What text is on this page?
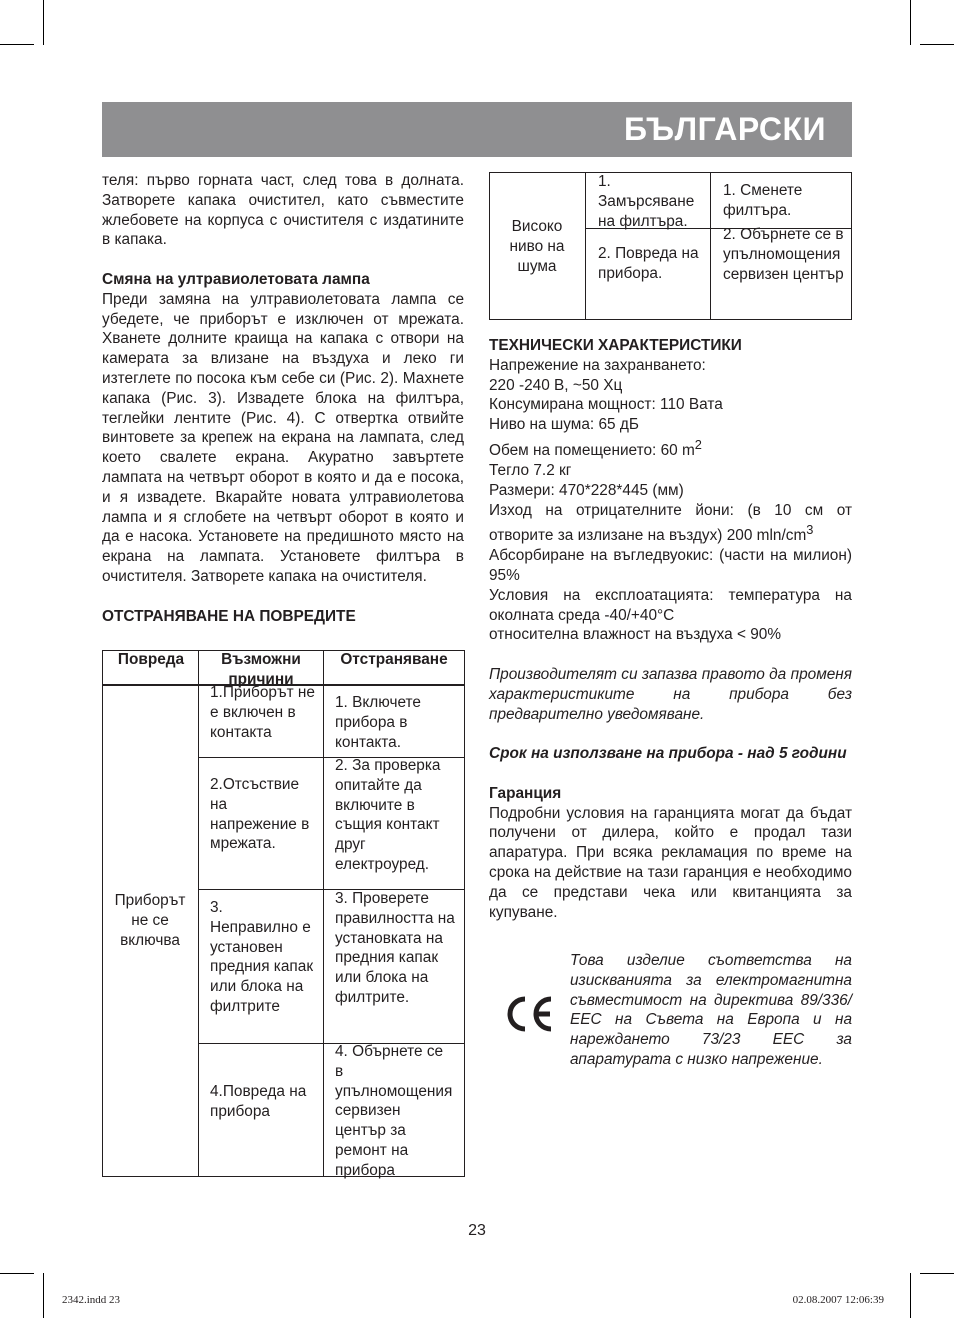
БЪЛГАРСКИ

теля: първо горната част, след това в долната. Затворете капака очистител, като съвместите жлебовете на корпуса с очистителя с издатините в капака.

Смяна на ултравиолетовата лампа

Преди замяна на ултравиолетовата лампа се убедете, че приборът е изключен от мрежата. Хванете долните краища на капака с отвори на камерата за влизане на въздуха и леко ги изтеглете по посока към себе си (Рис. 2). Махнете капака (Рис. 3). Извадете блока на филтъра, теглейки лентите (Рис. 4). С отвертка отвийте винтовете за крепеж на екрана на лампата, след което свалете екрана. Акуратно завъртете лампата на четвърт оборот в която и да е посока, и я извадете. Вкарайте новата ултравиолетова лампа и я сглобете на четвърт оборот в която и да е насока. Установете на предишното място на екрана на лампата. Установете филтъра в очистителя. Затворете капака на очистителя.

ОТСТРАНЯВАНЕ НА ПОВРЕДИТЕ

Повреда	Възможни причини
Отстраняване
Приборът не се включва
1.Приборът не е включен в контакта
1. Включете прибора в контакта.
2.Отсъствие на напрежение в мрежата.
2. За проверка опитайте да включите в същия контакт друг електроуред.
3. Неправилно е установен предния капак или блока на филтрите
3. Проверете правилността на установката на предния капак или блока на филтрите.
4.Повреда на прибора
4. Обърнете се в упълномощения сервизен център за ремонт на прибора
Високо ниво на шума
1. Замърсяване на филтъра.
2. Повреда на прибора.
1. Сменете филтъра.
2. Обърнете се в упълномощения сервизен център

ТЕХНИЧЕСКИ ХАРАКТЕРИСТИКИ

Напрежение на захранването:

220 -240 В, ~50 Хц

Консумирана мощност: 110 Вата

Ниво на шума: 65 дБ

Обем на помещението: 60 $m^2$

Тегло 7.2 кг

Размери: 470*228*445 (мм)

Изход на отрицателните йони: (в 10 см от отворите за излизане на въздух) 200 mln/$cm^3$

Абсорбиране на въгледвуокис: (части на милион) 95%

Условия на експлоатацията: температура на околната среда -40/+40°С

относителна влажност на въздуха < 90%

Производителят си запазва правото да променя характеристиките на прибора без предварително уведомяване.

Срок на използване на прибора - над 5 години

Гаранция

Подробни условия на гаранцията могат да бъдат получени от дилера, който е продал тази апаратура. При всяка рекламация по време на срока на действие на тази гаранция е необходимо да се представи чека или квитанцията за купуване.

Това изделие съответства на изискванията за електромагнитна съвместимост на директива 89/336/ ЕЕС на Съвета на Европа и на нареждането 73/23 ЕЕС за апаратурата с низко напрежение.
23
2342.indd 23	02.08.2007 12:06:39
